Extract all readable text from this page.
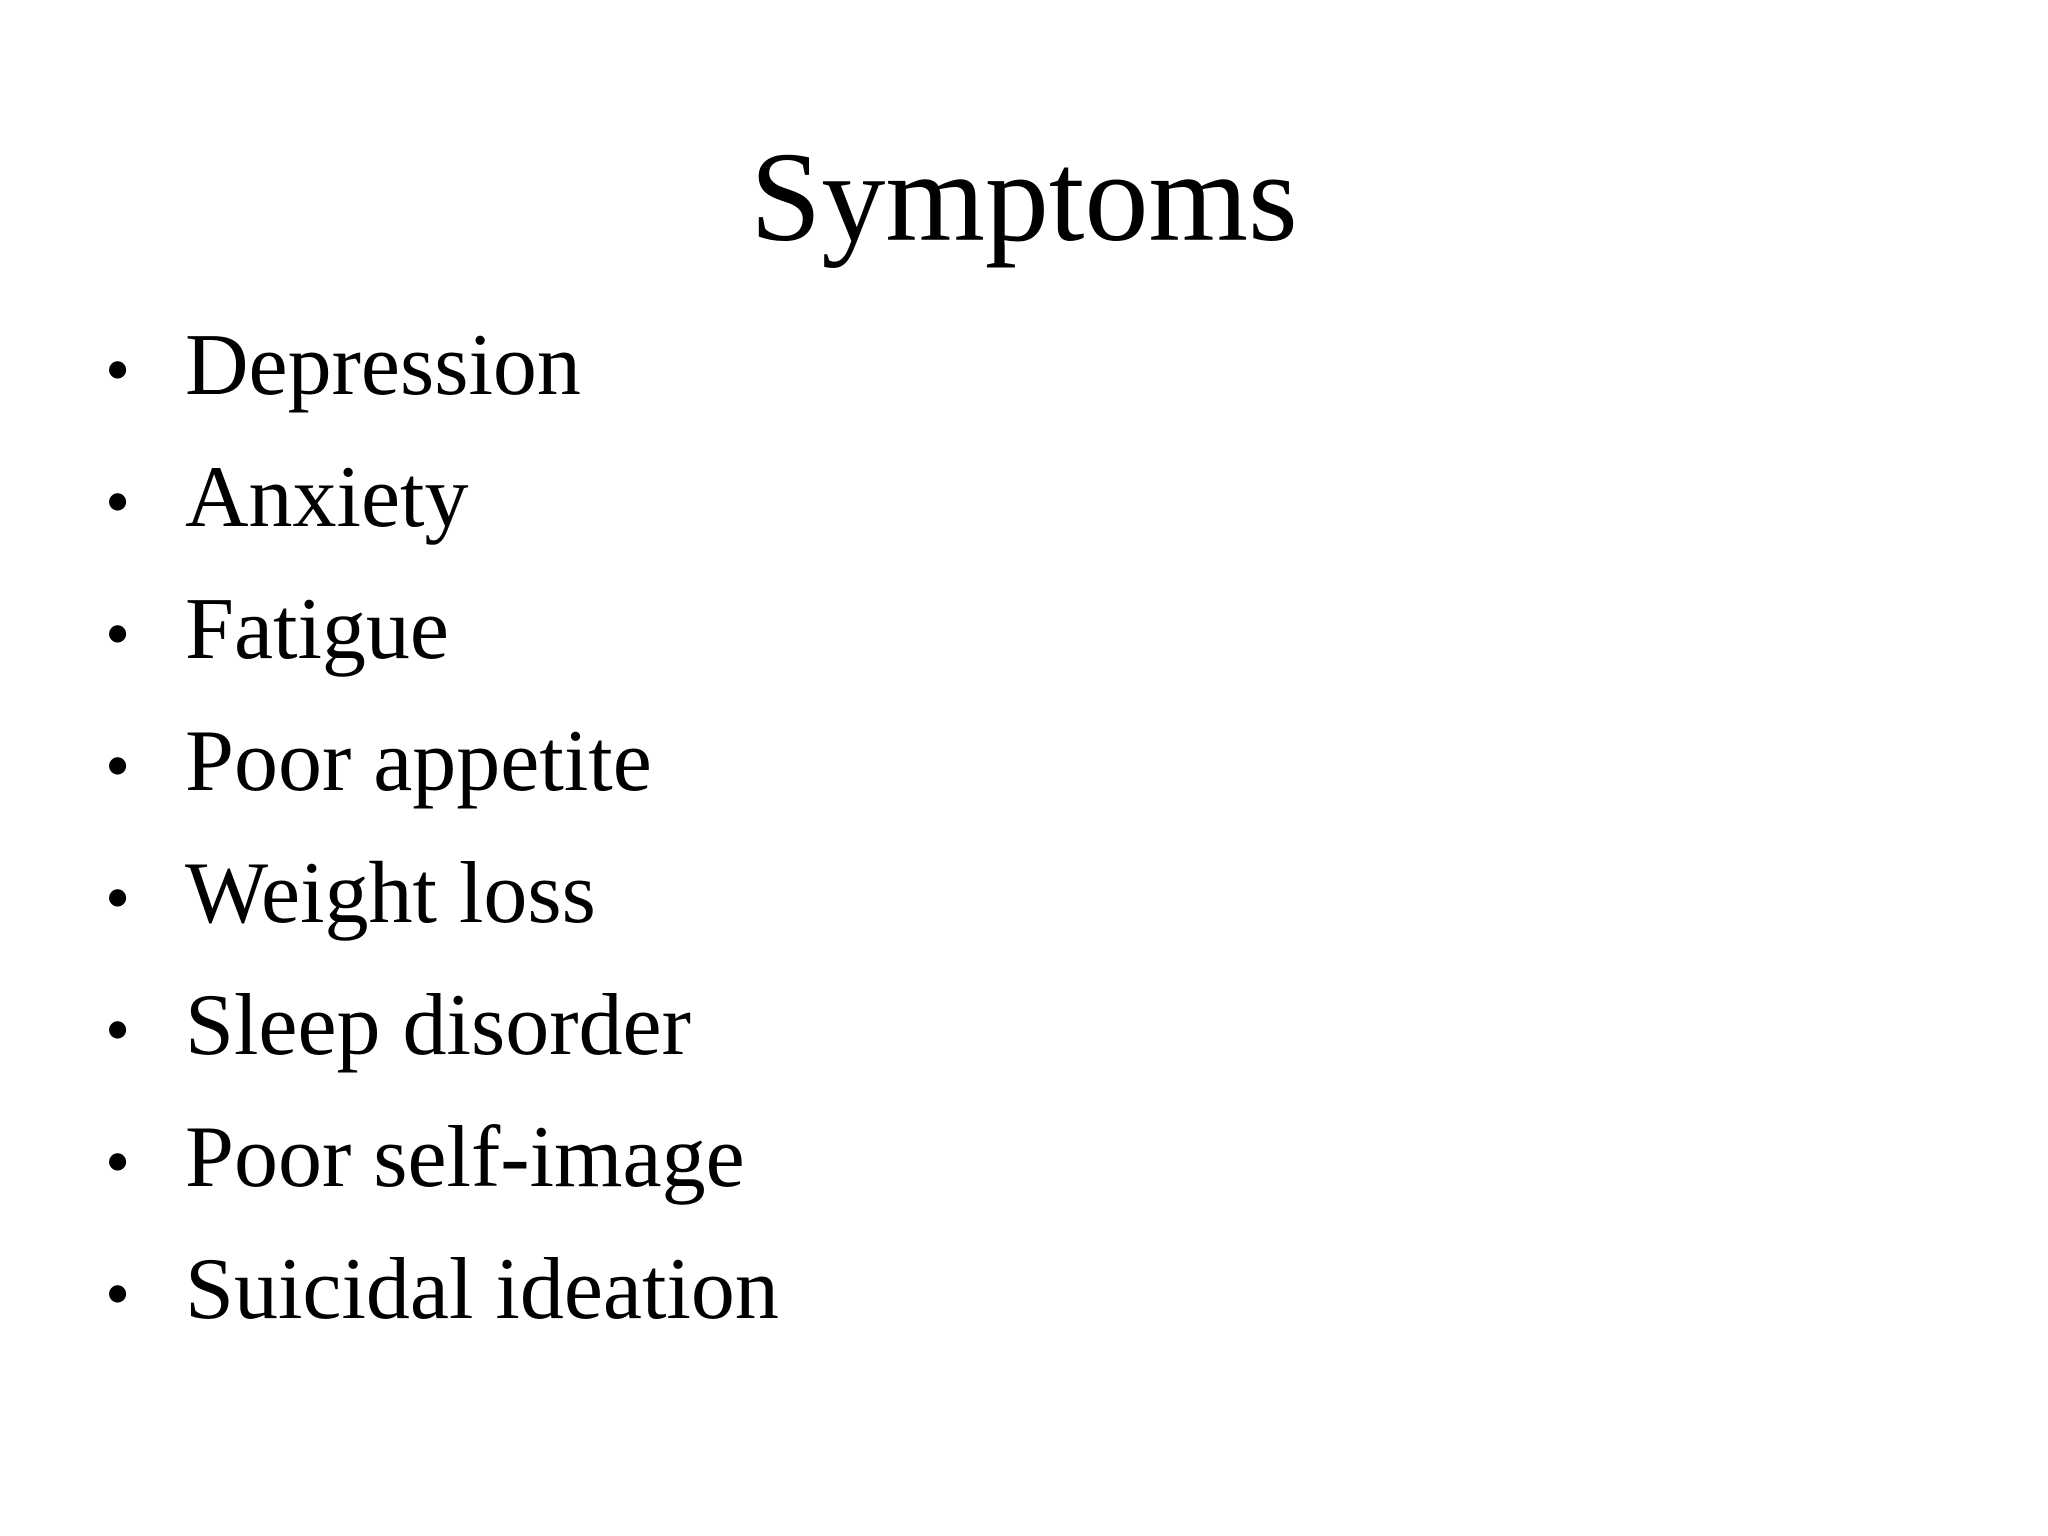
Symptoms
• Depression
• Anxiety
• Fatigue
• Poor appetite
• Weight loss
• Sleep disorder
• Poor self-image
• Suicidal ideation
